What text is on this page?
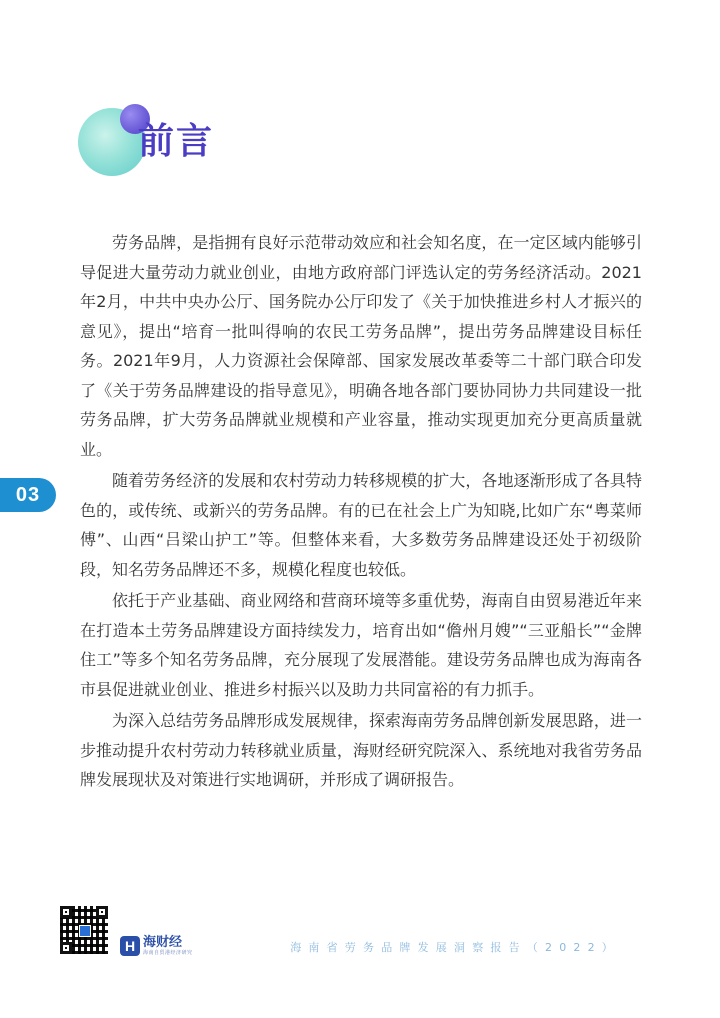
前言

劳务品牌，是指拥有良好示范带动效应和社会知名度，在一定区域内能够引导促进大量劳动力就业创业，由地方政府部门评选认定的劳务经济活动。2021年2月，中共中央办公厅、国务院办公厅印发了《关于加快推进乡村人才振兴的意见》，提出“培育一批叫得响的农民工劳务品牌”，提出劳务品牌建设目标任务。2021年9月，人力资源社会保障部、国家发展改革委等二十部门联合印发了《关于劳务品牌建设的指导意见》，明确各地各部门要协同协力共同建设一批劳务品牌，扩大劳务品牌就业规模和产业容量，推动实现更加充分更高质量就业。

随着劳务经济的发展和农村劳动力转移规模的扩大，各地逐渐形成了各具特色的，或传统、或新兴的劳务品牌。有的已在社会上广为知晓,比如广东“粤菜师傅”、山西“吕梁山护工”等。但整体来看，大多数劳务品牌建设还处于初级阶段，知名劳务品牌还不多，规模化程度也较低。

依托于产业基础、商业网络和营商环境等多重优势，海南自由贸易港近年来在打造本土劳务品牌建设方面持续发力，培育出如“儋州月嫂”“三亚船长”“金牌住工”等多个知名劳务品牌，充分展现了发展潜能。建设劳务品牌也成为海南各市县促进就业创业、推进乡村振兴以及助力共同富裕的有力抓手。

为深入总结劳务品牌形成发展规律，探索海南劳务品牌创新发展思路，进一步推动提升农村劳动力转移就业质量，海财经研究院深入、系统地对我省劳务品牌发展现状及对策进行实地调研，并形成了调研报告。

03
H 海财经
海南自贸港经济研究	海南省劳务品牌发展洞察报告（2022）
